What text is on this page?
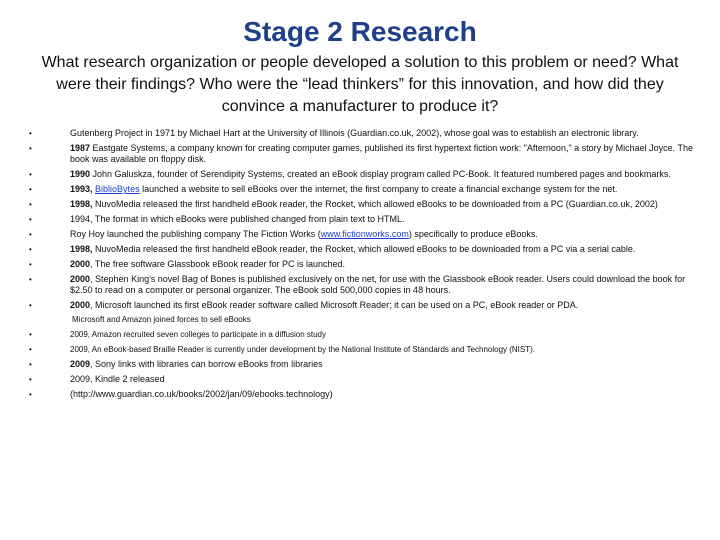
Stage 2 Research
What research organization or people developed a solution to this problem or need? What were their findings? Who were the “lead thinkers” for this innovation, and how did they convince a manufacturer to produce it?
•	Gutenberg Project in 1971 by Michael Hart at the University of Illinois (Guardian.co.uk, 2002), whose goal was to establish an electronic library.
•	1987 Eastgate Systems, a company known for creating computer games, published its first hypertext fiction work: "Afternoon," a story by Michael Joyce. The book was available on floppy disk.
•	1990 John Galuskza, founder of Serendipity Systems, created an eBook display program called PC-Book. It featured numbered pages and bookmarks.
•	1993, BiblioBytes launched a website to sell eBooks over the internet, the first company to create a financial exchange system for the net.
•	1998, NuvoMedia released the first handheld eBook reader, the Rocket, which allowed eBooks to be downloaded from a PC (Guardian.co.uk, 2002)
•	1994, The format in which eBooks were published changed from plain text to HTML.
•	Roy Hoy launched the publishing company The Fiction Works (www.fictionworks.com) specifically to produce eBooks.
•	1998, NuvoMedia released the first handheld eBook reader, the Rocket, which allowed eBooks to be downloaded from a PC via a serial cable.
•	2000, The free software Glassbook eBook reader for PC is launched.
•	2000, Stephen King's novel Bag of Bones is published exclusively on the net, for use with the Glassbook eBook reader. Users could download the book for $2.50 to read on a computer or personal organizer. The eBook sold 500,000 copies in 48 hours.
•	2000, Microsoft launched its first eBook reader software called Microsoft Reader; it can be used on a PC, eBook reader or PDA.
Microsoft and Amazon joined forces to sell eBooks
•	2009, Amazon recruited seven colleges to participate in a diffusion study
•	2009, An eBook-based Braille Reader is currently under development by the National Institute of Standards and Technology (NIST).
•	2009, Sony links with libraries can borrow eBooks from libraries
•	2009, Kindle 2 released
•	(http://www.guardian.co.uk/books/2002/jan/09/ebooks.technology)
